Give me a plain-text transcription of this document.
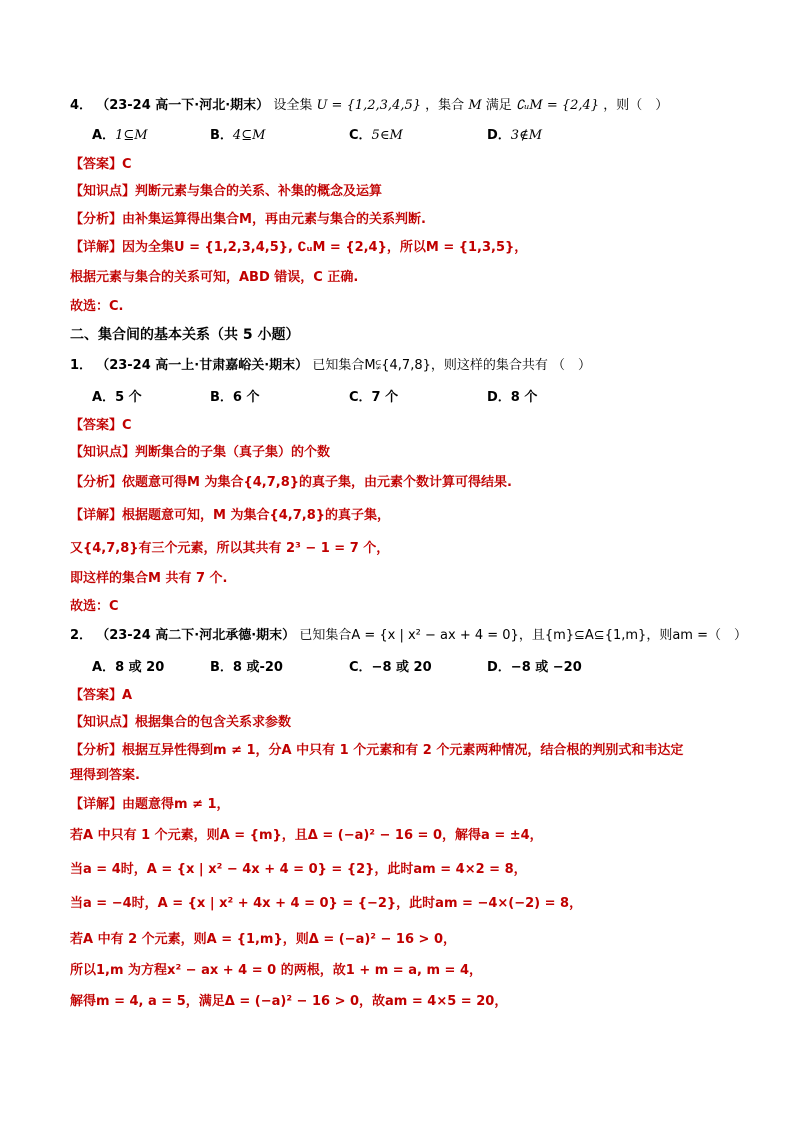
4． （23-24 高一下·河北·期末） 设全集 U = {1,2,3,4,5} ，集合 M 满足 ∁ᵤM = {2,4} ，则（　）
A．1⊆M	B．4⊆M	C．5∈M	D．3∉M
【答案】C
【知识点】判断元素与集合的关系、补集的概念及运算
【分析】由补集运算得出集合M，再由元素与集合的关系判断.
【详解】因为全集U = {1,2,3,4,5}, ∁ᵤM = {2,4}，所以M = {1,3,5}，
根据元素与集合的关系可知，ABD 错误，C 正确.
故选：C.
二、集合间的基本关系（共 5 小题）
1． （23-24 高一上·甘肃嘉峪关·期末） 已知集合M⫋{4,7,8}，则这样的集合共有 （　）
A．5 个	B．6 个	C．7 个	D．8 个
【答案】C
【知识点】判断集合的子集（真子集）的个数
【分析】依题意可得M 为集合{4,7,8}的真子集，由元素个数计算可得结果.
【详解】根据题意可知，M 为集合{4,7,8}的真子集，
又{4,7,8}有三个元素，所以其共有 2³ − 1 = 7 个，
即这样的集合M 共有 7 个.
故选：C
2． （23-24 高二下·河北承德·期末） 已知集合A = {x | x² − ax + 4 = 0}，且{m}⊆A⊆{1,m}，则am =（　）
A．8 或 20	B．8 或-20	C．−8 或 20	D．−8 或 −20
【答案】A
【知识点】根据集合的包含关系求参数
【分析】根据互异性得到m ≠ 1，分A 中只有 1 个元素和有 2 个元素两种情况，结合根的判别式和韦达定
理得到答案.
【详解】由题意得m ≠ 1，
若A 中只有 1 个元素，则A = {m}，且Δ = (−a)² − 16 = 0，解得a = ±4，
当a = 4时，A = {x | x² − 4x + 4 = 0} = {2}，此时am = 4×2 = 8，
当a = −4时，A = {x | x² + 4x + 4 = 0} = {−2}，此时am = −4×(−2) = 8，
若A 中有 2 个元素，则A = {1,m}，则Δ = (−a)² − 16 > 0，
所以1,m 为方程x² − ax + 4 = 0 的两根，故1 + m = a, m = 4，
解得m = 4, a = 5，满足Δ = (−a)² − 16 > 0，故am = 4×5 = 20，
